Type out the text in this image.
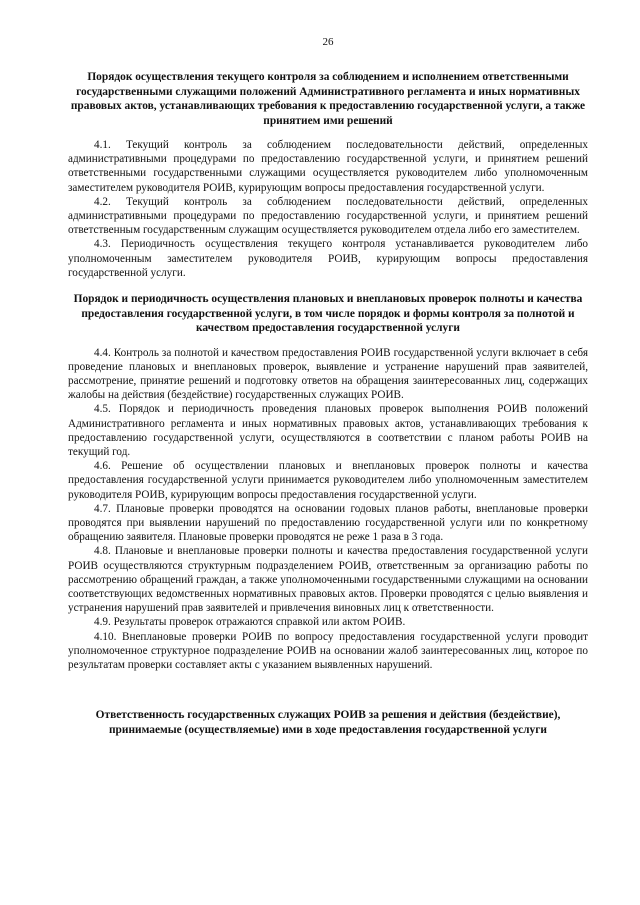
26
Порядок осуществления текущего контроля за соблюдением и исполнением ответственными государственными служащими положений Административного регламента и иных нормативных правовых актов, устанавливающих требования к предоставлению государственной услуги, а также принятием ими решений

4.1. Текущий контроль за соблюдением последовательности действий, определенных административными процедурами по предоставлению государственной услуги, и принятием решений ответственными государственными служащими осуществляется руководителем либо уполномоченным заместителем руководителя РОИВ, курирующим вопросы предоставления государственной услуги.

4.2. Текущий контроль за соблюдением последовательности действий, определенных административными процедурами по предоставлению государственной услуги, и принятием решений ответственным государственным служащим осуществляется руководителем отдела либо его заместителем.

4.3. Периодичность осуществления текущего контроля устанавливается руководителем либо уполномоченным заместителем руководителя РОИВ, курирующим вопросы предоставления государственной услуги.

Порядок и периодичность осуществления плановых и внеплановых проверок полноты и качества предоставления государственной услуги, в том числе порядок и формы контроля за полнотой и качеством предоставления государственной услуги

4.4. Контроль за полнотой и качеством предоставления РОИВ государственной услуги включает в себя проведение плановых и внеплановых проверок, выявление и устранение нарушений прав заявителей, рассмотрение, принятие решений и подготовку ответов на обращения заинтересованных лиц, содержащих жалобы на действия (бездействие) государственных служащих РОИВ.

4.5. Порядок и периодичность проведения плановых проверок выполнения РОИВ положений Административного регламента и иных нормативных правовых актов, устанавливающих требования к предоставлению государственной услуги, осуществляются в соответствии с планом работы РОИВ на текущий год.

4.6. Решение об осуществлении плановых и внеплановых проверок полноты и качества предоставления государственной услуги принимается руководителем либо уполномоченным заместителем руководителя РОИВ, курирующим вопросы предоставления государственной услуги.

4.7. Плановые проверки проводятся на основании годовых планов работы, внеплановые проверки проводятся при выявлении нарушений по предоставлению государственной услуги или по конкретному обращению заявителя. Плановые проверки проводятся не реже 1 раза в 3 года.

4.8. Плановые и внеплановые проверки полноты и качества предоставления государственной услуги РОИВ осуществляются структурным подразделением РОИВ, ответственным за организацию работы по рассмотрению обращений граждан, а также уполномоченными государственными служащими на основании соответствующих ведомственных нормативных правовых актов. Проверки проводятся с целью выявления и устранения нарушений прав заявителей и привлечения виновных лиц к ответственности.

4.9. Результаты проверок отражаются справкой или актом РОИВ.

4.10. Внеплановые проверки РОИВ по вопросу предоставления государственной услуги проводит уполномоченное структурное подразделение РОИВ на основании жалоб заинтересованных лиц, которое по результатам проверки составляет акты с указанием выявленных нарушений.

Ответственность государственных служащих РОИВ за решения и действия (бездействие), принимаемые (осуществляемые) ими в ходе предоставления государственной услуги
